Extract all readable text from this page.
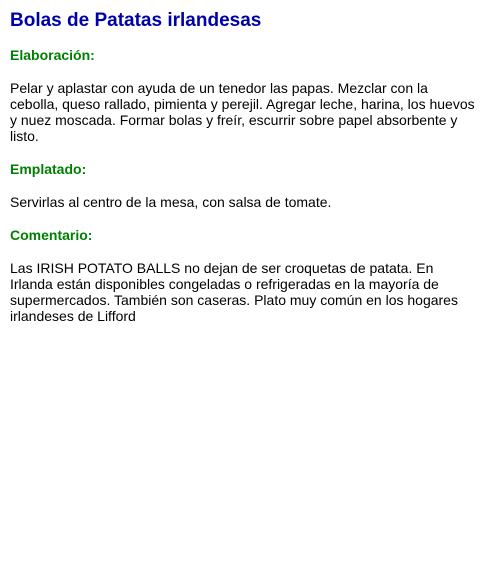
Bolas de Patatas irlandesas
Elaboración:

Pelar y aplastar con ayuda de un tenedor las papas. Mezclar con la cebolla, queso rallado, pimienta y perejil. Agregar leche, harina, los huevos y nuez moscada. Formar bolas y freír, escurrir sobre papel absorbente y listo.

Emplatado:

Servirlas al centro de la mesa, con salsa de tomate.

Comentario:

Las IRISH POTATO BALLS no dejan de ser croquetas de patata. En Irlanda están disponibles congeladas o refrigeradas en la mayoría de supermercados. También son caseras. Plato muy común en los hogares irlandeses de Lifford
